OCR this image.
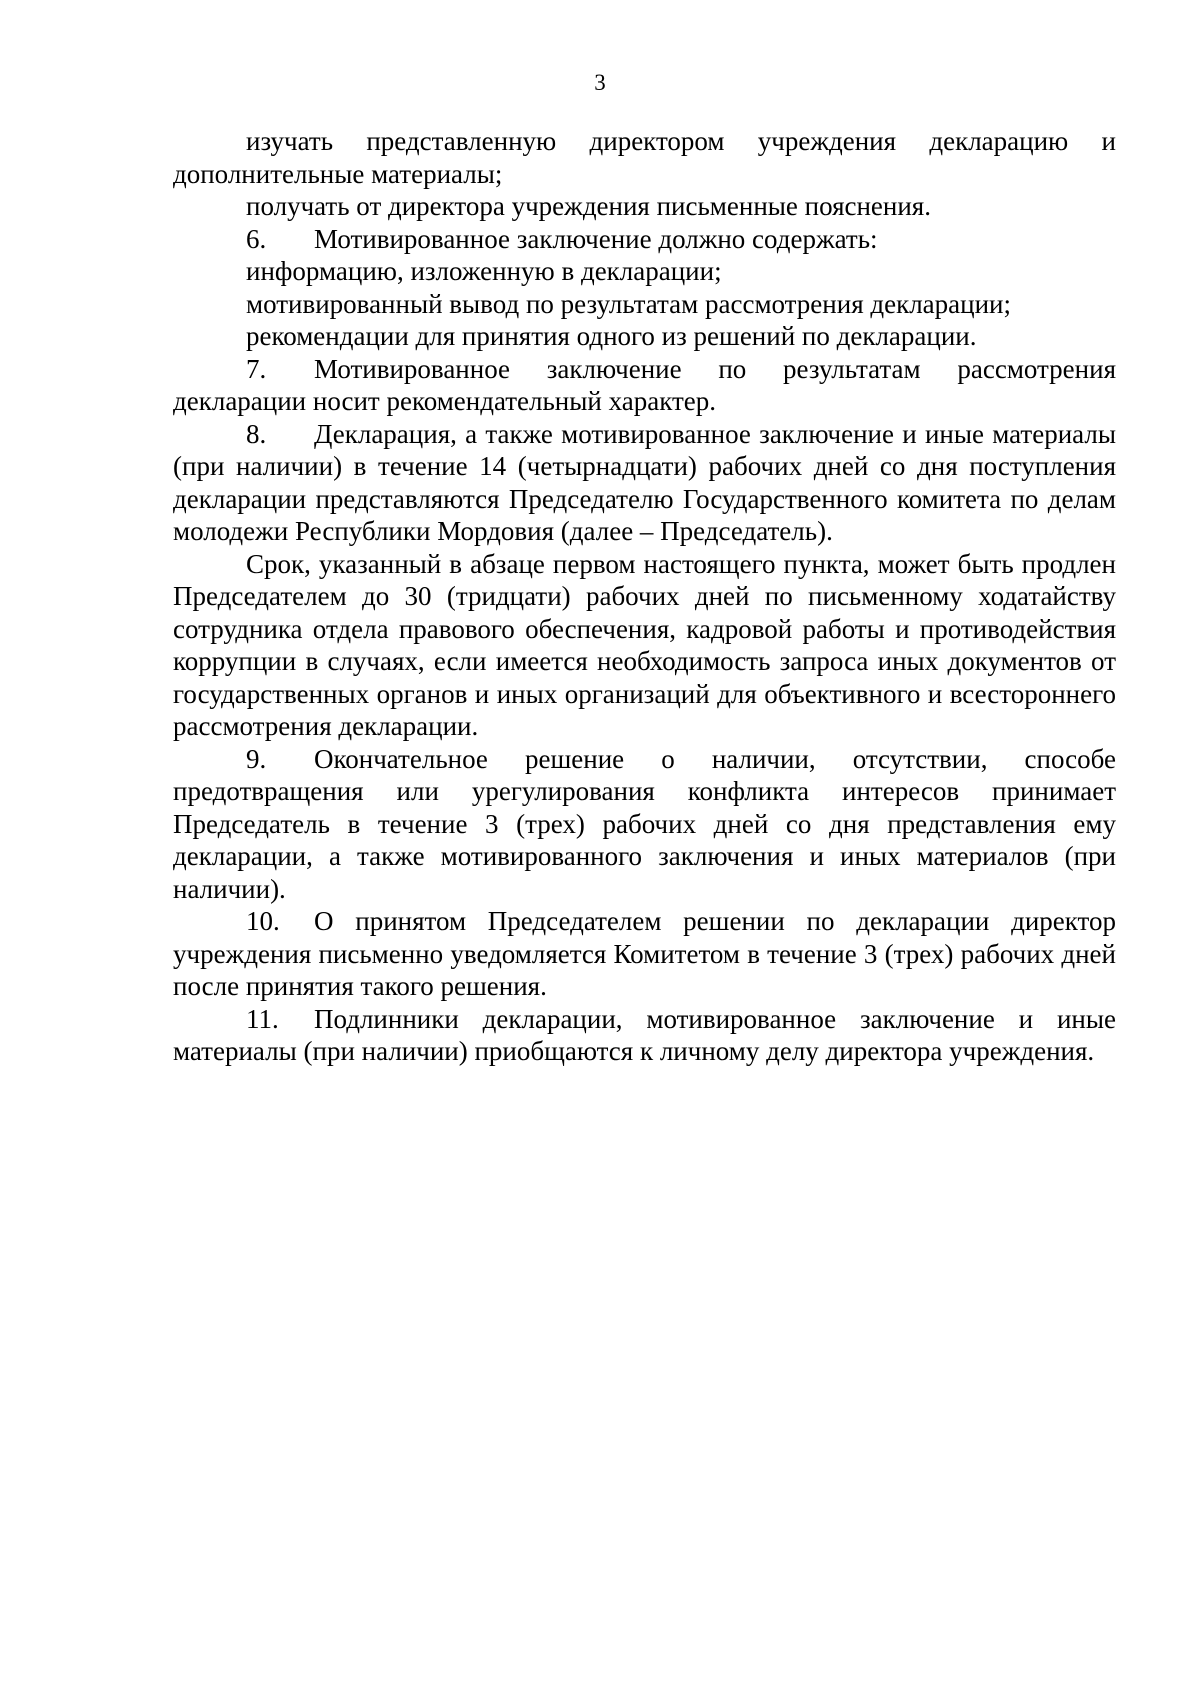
3

изучать представленную директором учреждения декларацию и дополнительные материалы;

получать от директора учреждения письменные пояснения.

6. Мотивированное заключение должно содержать:

информацию, изложенную в декларации;

мотивированный вывод по результатам рассмотрения декларации;

рекомендации для принятия одного из решений по декларации.

7. Мотивированное заключение по результатам рассмотрения декларации носит рекомендательный характер.

8. Декларация, а также мотивированное заключение и иные материалы (при наличии) в течение 14 (четырнадцати) рабочих дней со дня поступления декларации представляются Председателю Государственного комитета по делам молодежи Республики Мордовия (далее – Председатель).

Срок, указанный в абзаце первом настоящего пункта, может быть продлен Председателем до 30 (тридцати) рабочих дней по письменному ходатайству сотрудника отдела правового обеспечения, кадровой работы и противодействия коррупции в случаях, если имеется необходимость запроса иных документов от государственных органов и иных организаций для объективного и всестороннего рассмотрения декларации.

9. Окончательное решение о наличии, отсутствии, способе предотвращения или урегулирования конфликта интересов принимает Председатель в течение 3 (трех) рабочих дней со дня представления ему декларации, а также мотивированного заключения и иных материалов (при наличии).

10. О принятом Председателем решении по декларации директор учреждения письменно уведомляется Комитетом в течение 3 (трех) рабочих дней после принятия такого решения.

11. Подлинники декларации, мотивированное заключение и иные материалы (при наличии) приобщаются к личному делу директора учреждения.
